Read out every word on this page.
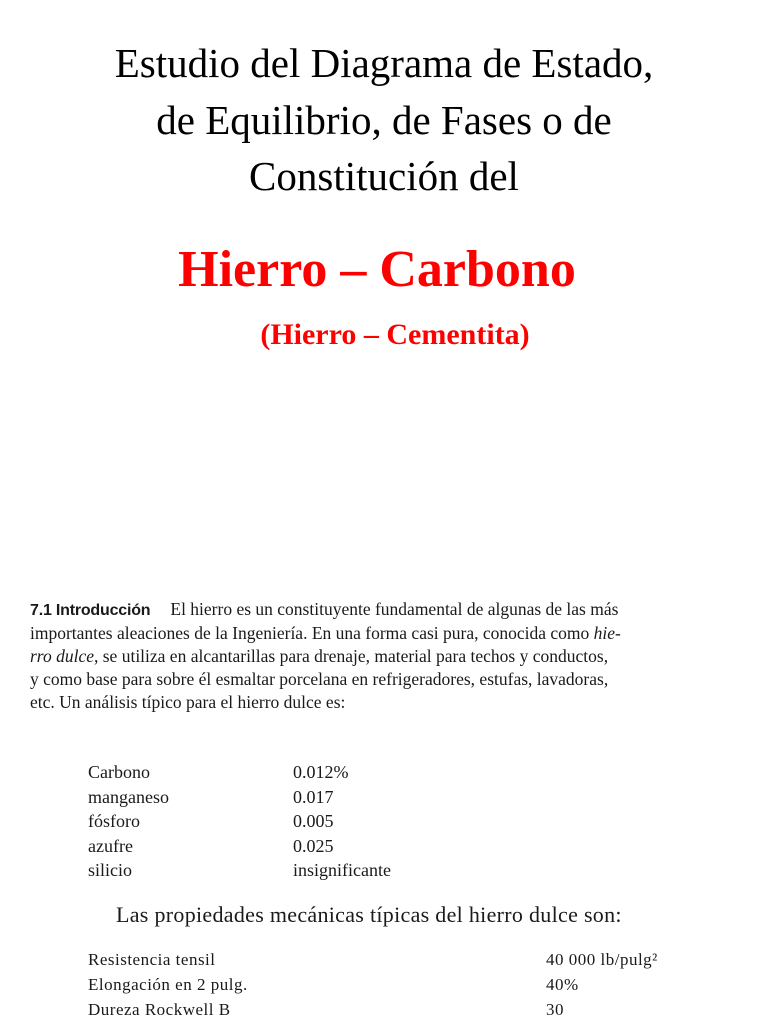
Estudio del Diagrama de Estado,
de Equilibrio, de Fases o de
Constitución del
Hierro – Carbono
(Hierro – Cementita)
7.1 Introducción El hierro es un constituyente fundamental de algunas de las más
importantes aleaciones de la Ingeniería. En una forma casi pura, conocida como hie-
rro dulce, se utiliza en alcantarillas para drenaje, material para techos y conductos,
y como base para sobre él esmaltar porcelana en refrigeradores, estufas, lavadoras,
etc. Un análisis típico para el hierro dulce es:
Carbono	0.012%
manganeso	0.017
fósforo	0.005
azufre	0.025
silicio	insignificante
Las propiedades mecánicas típicas del hierro dulce son:
Resistencia tensil	40 000 lb/pulg²
Elongación en 2 pulg.	40%
Dureza Rockwell B	30
